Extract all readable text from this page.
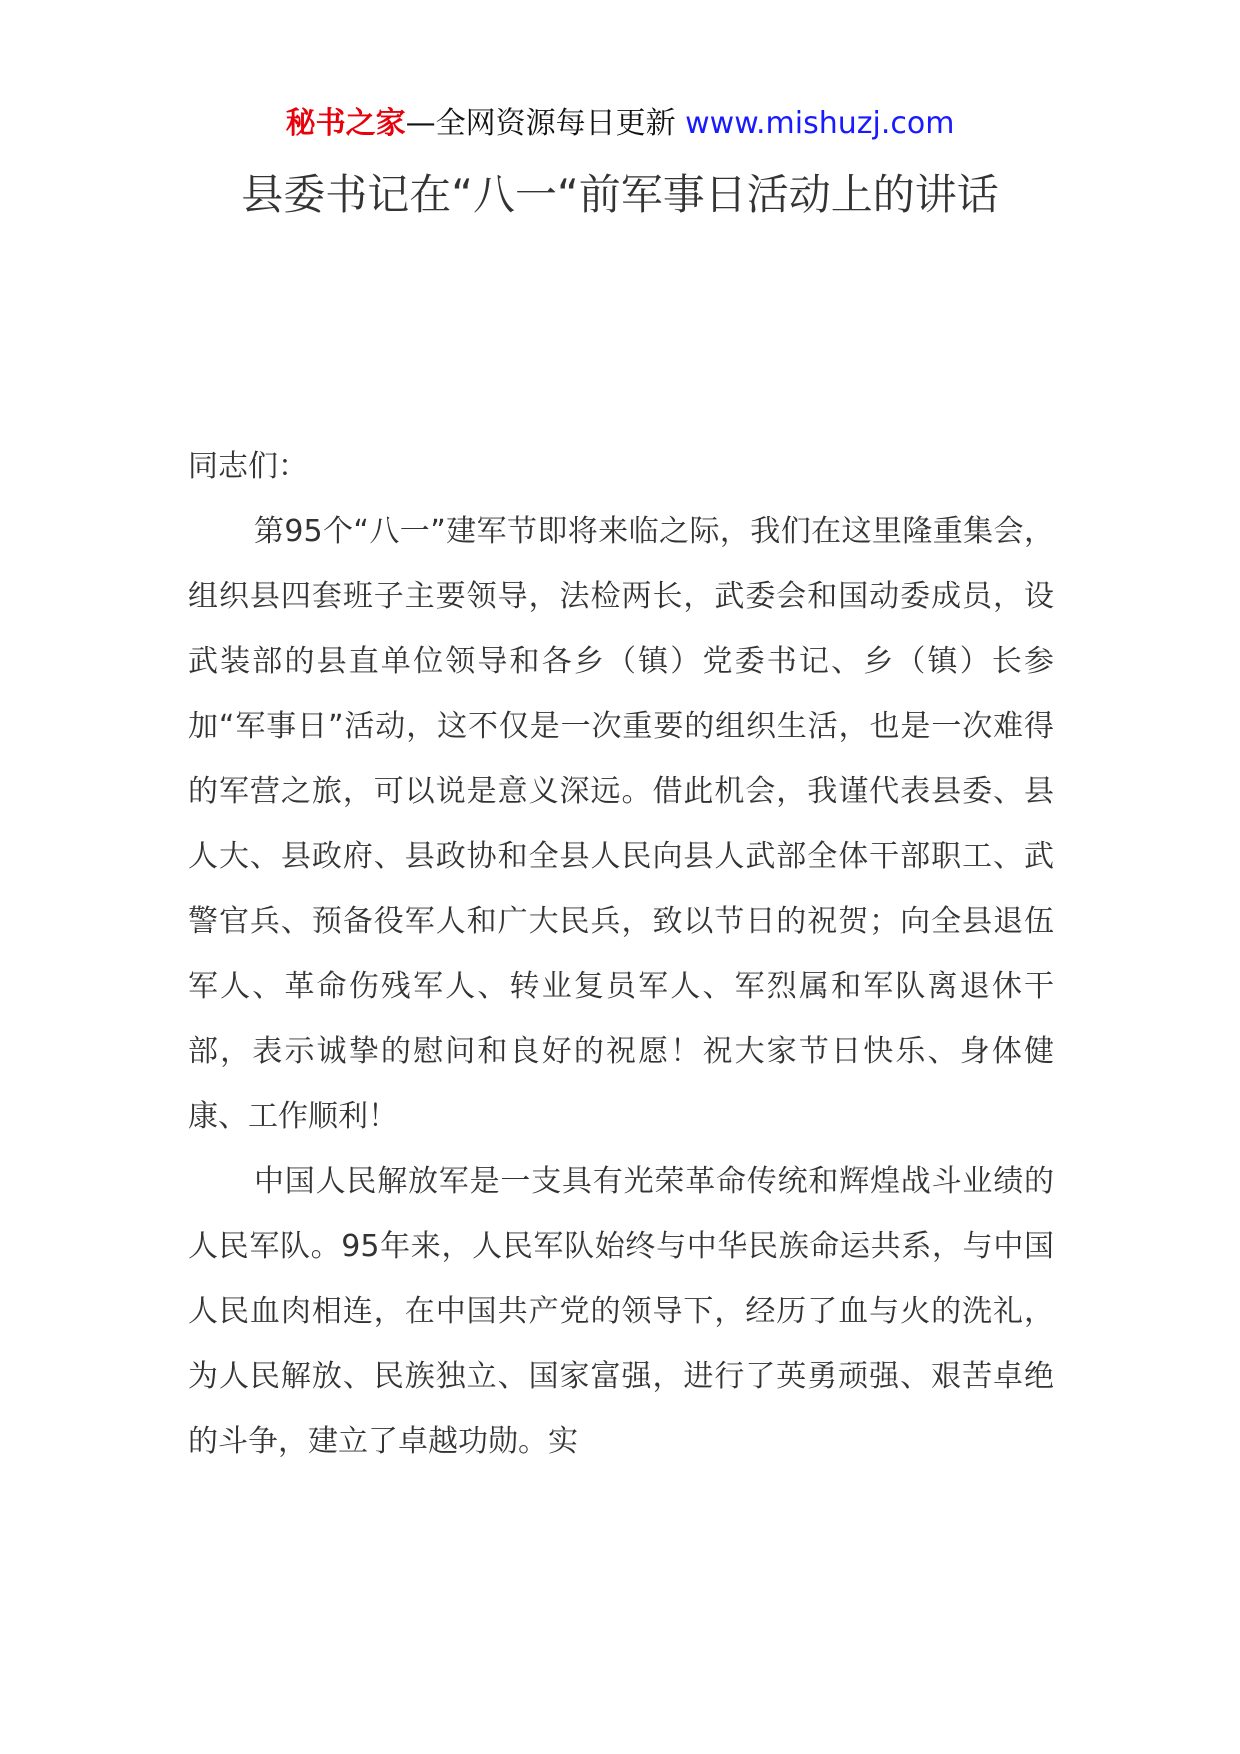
秘书之家—全网资源每日更新 www.mishuzj.com
县委书记在“八一“前军事日活动上的讲话

同志们：

第95个“八一”建军节即将来临之际，我们在这里隆重集会，组织县四套班子主要领导，法检两长，武委会和国动委成员，设武装部的县直单位领导和各乡（镇）党委书记、乡（镇）长参加“军事日”活动，这不仅是一次重要的组织生活，也是一次难得的军营之旅，可以说是意义深远。借此机会，我谨代表县委、县人大、县政府、县政协和全县人民向县人武部全体干部职工、武警官兵、预备役军人和广大民兵，致以节日的祝贺；向全县退伍军人、革命伤残军人、转业复员军人、军烈属和军队离退休干部，表示诚挚的慰问和良好的祝愿！祝大家节日快乐、身体健康、工作顺利！

中国人民解放军是一支具有光荣革命传统和辉煌战斗业绩的人民军队。95年来，人民军队始终与中华民族命运共系，与中国人民血肉相连，在中国共产党的领导下，经历了血与火的洗礼，为人民解放、民族独立、国家富强，进行了英勇顽强、艰苦卓绝的斗争，建立了卓越功勋。实
